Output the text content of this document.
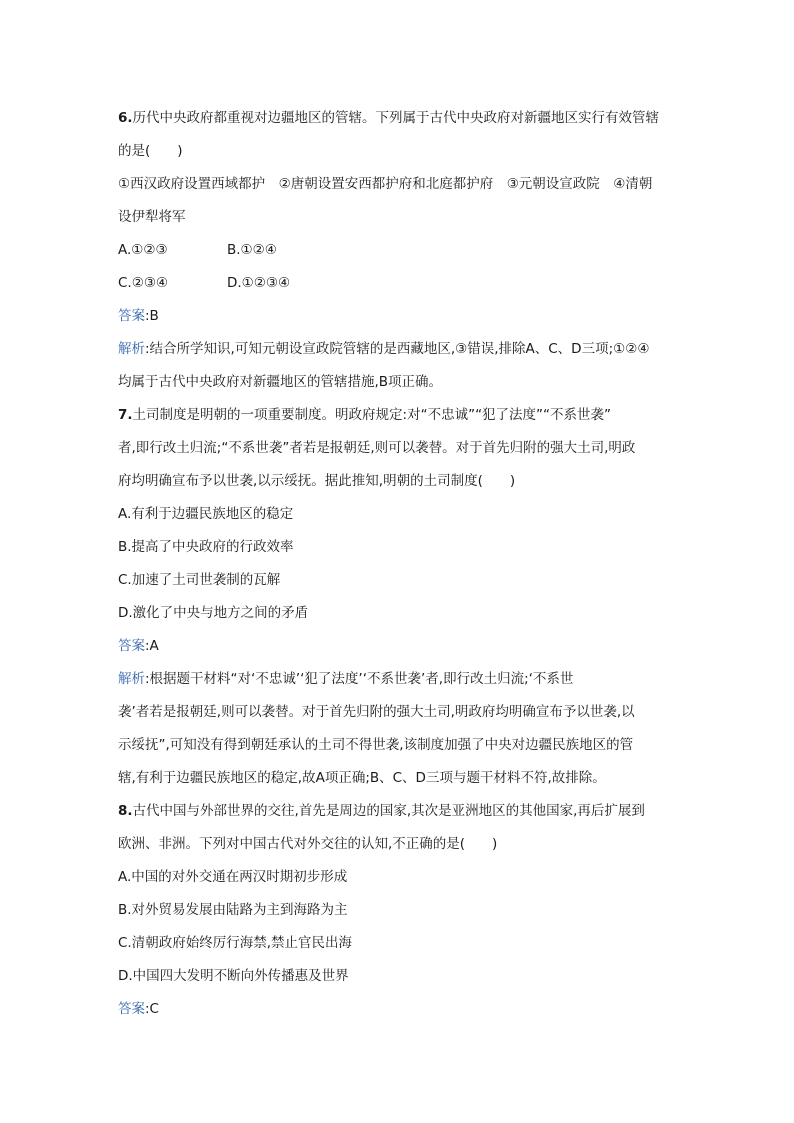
6.历代中央政府都重视对边疆地区的管辖。下列属于古代中央政府对新疆地区实行有效管辖
的是(　　)
①西汉政府设置西域都护　②唐朝设置安西都护府和北庭都护府　③元朝设宣政院　④清朝
设伊犁将军
A.①②③	B.①②④
C.②③④	D.①②③④
答案:B
解析:结合所学知识,可知元朝设宣政院管辖的是西藏地区,③错误,排除A、C、D三项;①②④
均属于古代中央政府对新疆地区的管辖措施,B项正确。
7.土司制度是明朝的一项重要制度。明政府规定:对“不忠诚”“犯了法度”“不系世袭”
者,即行改土归流;“不系世袭”者若是报朝廷,则可以袭替。对于首先归附的强大土司,明政
府均明确宣布予以世袭,以示绥抚。据此推知,明朝的土司制度(　　)
A.有利于边疆民族地区的稳定
B.提高了中央政府的行政效率
C.加速了土司世袭制的瓦解
D.激化了中央与地方之间的矛盾
答案:A
解析:根据题干材料“对‘不忠诚’‘犯了法度’‘不系世袭’者,即行改土归流;‘不系世
袭’者若是报朝廷,则可以袭替。对于首先归附的强大土司,明政府均明确宣布予以世袭,以
示绥抚”,可知没有得到朝廷承认的土司不得世袭,该制度加强了中央对边疆民族地区的管
辖,有利于边疆民族地区的稳定,故A项正确;B、C、D三项与题干材料不符,故排除。
8.古代中国与外部世界的交往,首先是周边的国家,其次是亚洲地区的其他国家,再后扩展到
欧洲、非洲。下列对中国古代对外交往的认知,不正确的是(　　)
A.中国的对外交通在两汉时期初步形成
B.对外贸易发展由陆路为主到海路为主
C.清朝政府始终厉行海禁,禁止官民出海
D.中国四大发明不断向外传播惠及世界
答案:C
